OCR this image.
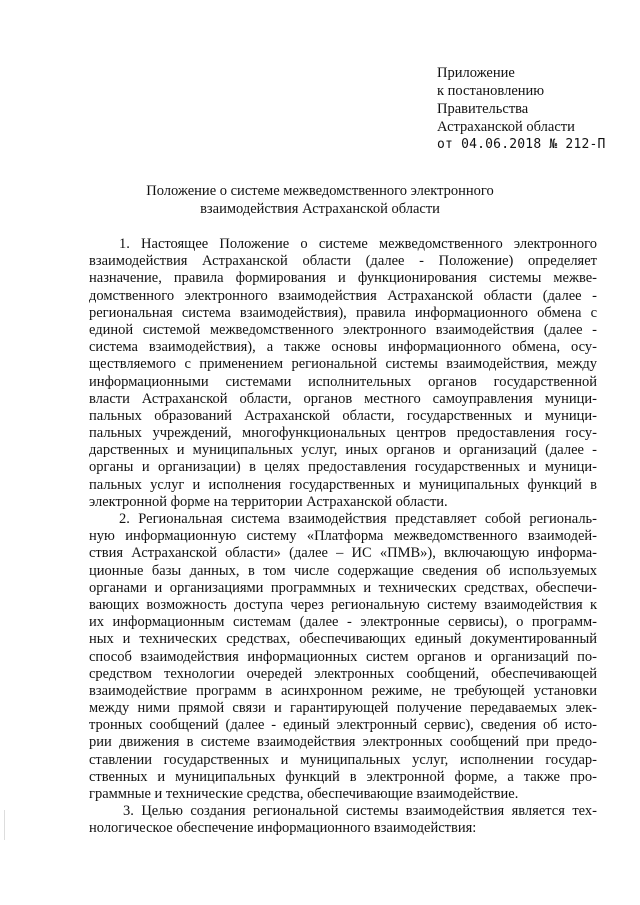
Приложение
к постановлению
Правительства
Астраханской области
от 04.06.2018 № 212-П
Положение о системе межведомственного электронного
взаимодействия Астраханской области
1. Настоящее Положение о системе межведомственного электронного
взаимодействия Астраханской области (далее - Положение) определяет
назначение, правила формирования и функционирования системы межве-
домственного электронного взаимодействия Астраханской области (далее -
региональная система взаимодействия), правила информационного обмена с
единой системой межведомственного электронного взаимодействия (далее -
система взаимодействия), а также основы информационного обмена, осу-
ществляемого с применением региональной системы взаимодействия, между
информационными системами исполнительных органов государственной
власти Астраханской области, органов местного самоуправления муници-
пальных образований Астраханской области, государственных и муници-
пальных учреждений, многофункциональных центров предоставления госу-
дарственных и муниципальных услуг, иных органов и организаций (далее -
органы и организации) в целях предоставления государственных и муници-
пальных услуг и исполнения государственных и муниципальных функций в
электронной форме на территории Астраханской области.
2. Региональная система взаимодействия представляет собой региональ-
ную информационную систему «Платформа межведомственного взаимодей-
ствия Астраханской области» (далее – ИС «ПМВ»), включающую информа-
ционные базы данных, в том числе содержащие сведения об используемых
органами и организациями программных и технических средствах, обеспечи-
вающих возможность доступа через региональную систему взаимодействия к
их информационным системам (далее - электронные сервисы), о программ-
ных и технических средствах, обеспечивающих единый документированный
способ взаимодействия информационных систем органов и организаций по-
средством технологии очередей электронных сообщений, обеспечивающей
взаимодействие программ в асинхронном режиме, не требующей установки
между ними прямой связи и гарантирующей получение передаваемых элек-
тронных сообщений (далее - единый электронный сервис), сведения об исто-
рии движения в системе взаимодействия электронных сообщений при предо-
ставлении государственных и муниципальных услуг, исполнении государ-
ственных и муниципальных функций в электронной форме, а также про-
граммные и технические средства, обеспечивающие взаимодействие.
3. Целью создания региональной системы взаимодействия является тех-
нологическое обеспечение информационного взаимодействия:
